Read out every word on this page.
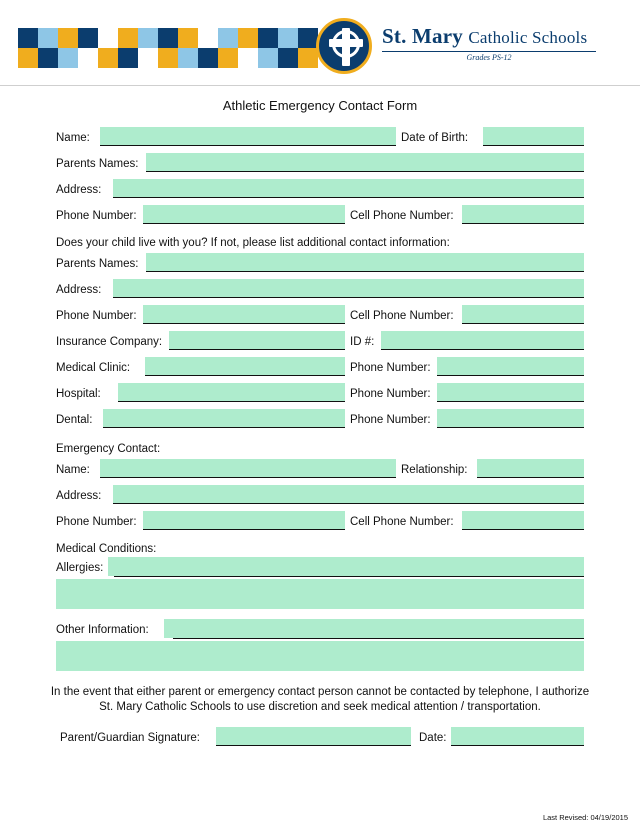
St. Mary Catholic Schools
Grades PS-12
Athletic Emergency Contact Form
Name:	Date of Birth:
Parents Names:
Address:
Phone Number:	Cell Phone Number:
Does your child live with you? If not, please list additional contact information:
Parents Names:
Address:
Phone Number:	Cell Phone Number:
Insurance Company:	ID #:
Medical Clinic:	Phone Number:
Hospital:	Phone Number:
Dental:	Phone Number:
Emergency Contact:
Name:	Relationship:
Address:
Phone Number:	Cell Phone Number:
Medical Conditions:
Allergies:
Other Information:
In the event that either parent or emergency contact person cannot be contacted by telephone, I authorize St. Mary Catholic Schools to use discretion and seek medical attention / transportation.
Parent/Guardian Signature:	Date:
Last Revised: 04/19/2015
